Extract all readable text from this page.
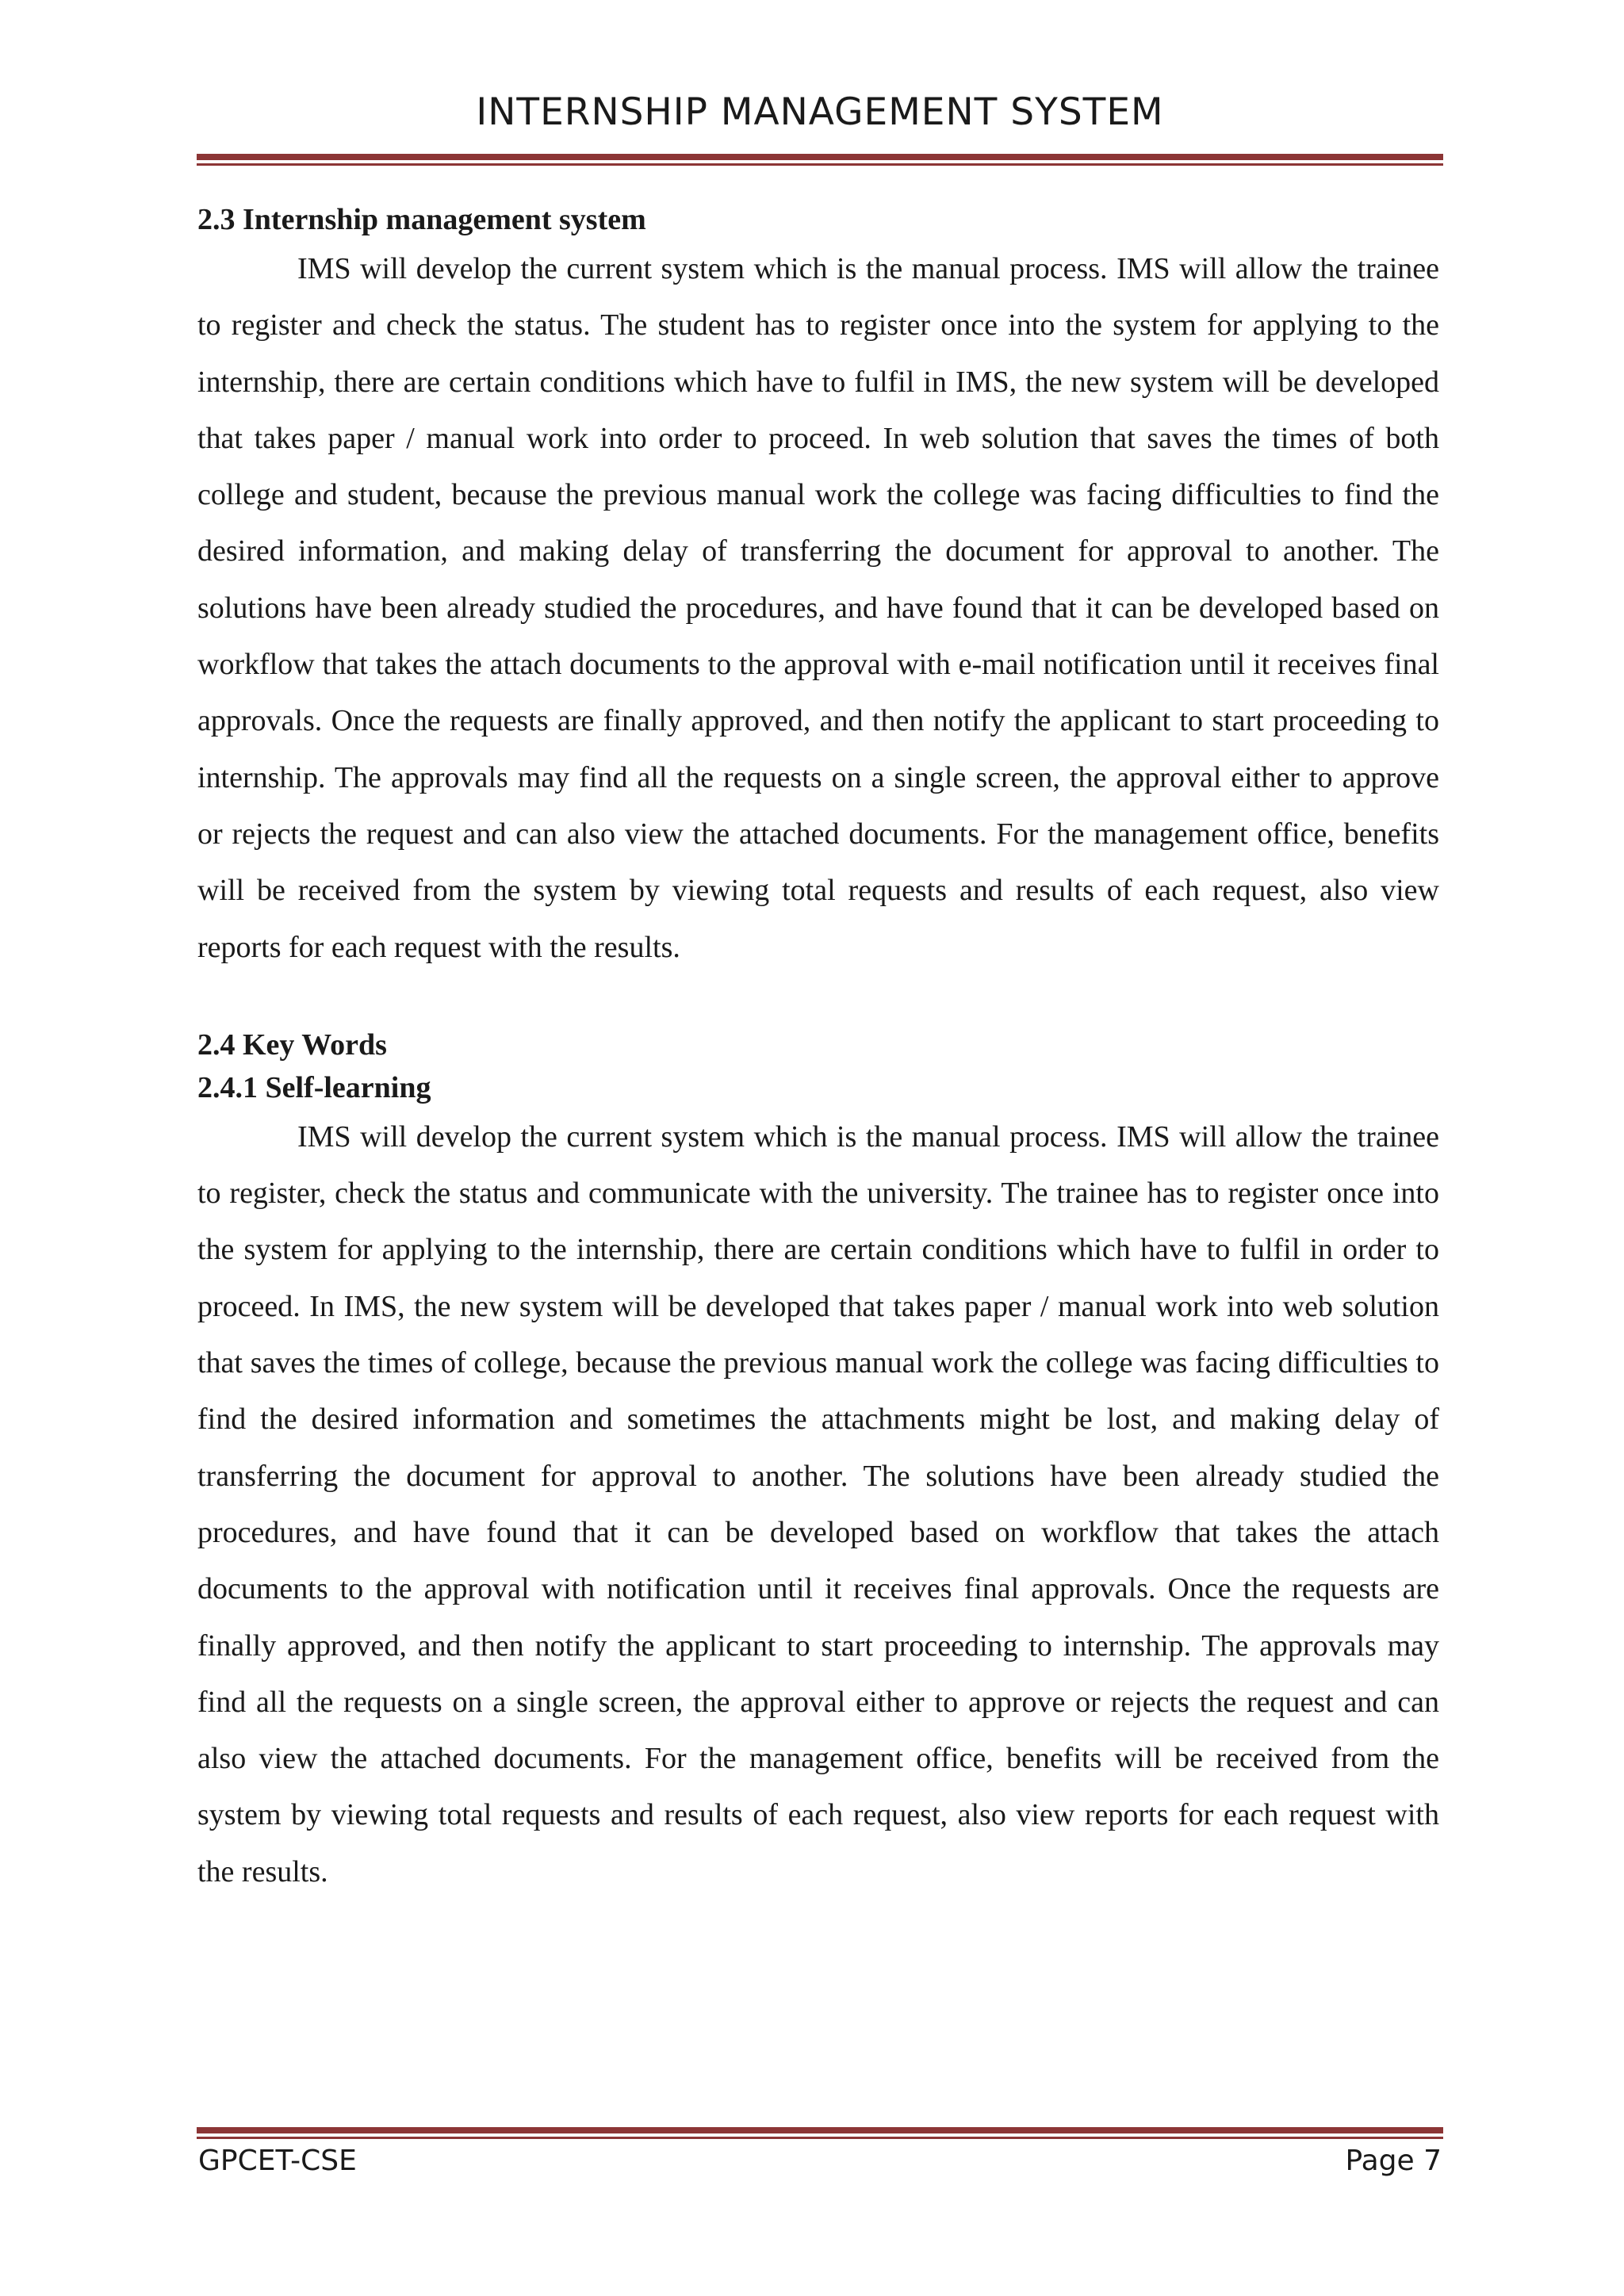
INTERNSHIP MANAGEMENT SYSTEM

2.3 Internship management system

IMS will develop the current system which is the manual process. IMS will allow the trainee to register and check the status. The student has to register once into the system for applying to the internship, there are certain conditions which have to fulfil in IMS, the new system will be developed that takes paper / manual work into order to proceed. In web solution that saves the times of both college and student, because the previous manual work the college was facing difficulties to find the desired information, and making delay of transferring the document for approval to another. The solutions have been already studied the procedures, and have found that it can be developed based on workflow that takes the attach documents to the approval with e-mail notification until it receives final approvals. Once the requests are finally approved, and then notify the applicant to start proceeding to internship. The approvals may find all the requests on a single screen, the approval either to approve or rejects the request and can also view the attached documents. For the management office, benefits will be received from the system by viewing total requests and results of each request, also view reports for each request with the results.

2.4 Key Words

2.4.1 Self-learning

IMS will develop the current system which is the manual process. IMS will allow the trainee to register, check the status and communicate with the university. The trainee has to register once into the system for applying to the internship, there are certain conditions which have to fulfil in order to proceed. In IMS, the new system will be developed that takes paper / manual work into web solution that saves the times of college, because the previous manual work the college was facing difficulties to find the desired information and sometimes the attachments might be lost, and making delay of transferring the document for approval to another. The solutions have been already studied the procedures, and have found that it can be developed based on workflow that takes the attach documents to the approval with notification until it receives final approvals. Once the requests are finally approved, and then notify the applicant to start proceeding to internship. The approvals may find all the requests on a single screen, the approval either to approve or rejects the request and can also view the attached documents. For the management office, benefits will be received from the system by viewing total requests and results of each request, also view reports for each request with the results.

GPCET-CSE	Page 7
